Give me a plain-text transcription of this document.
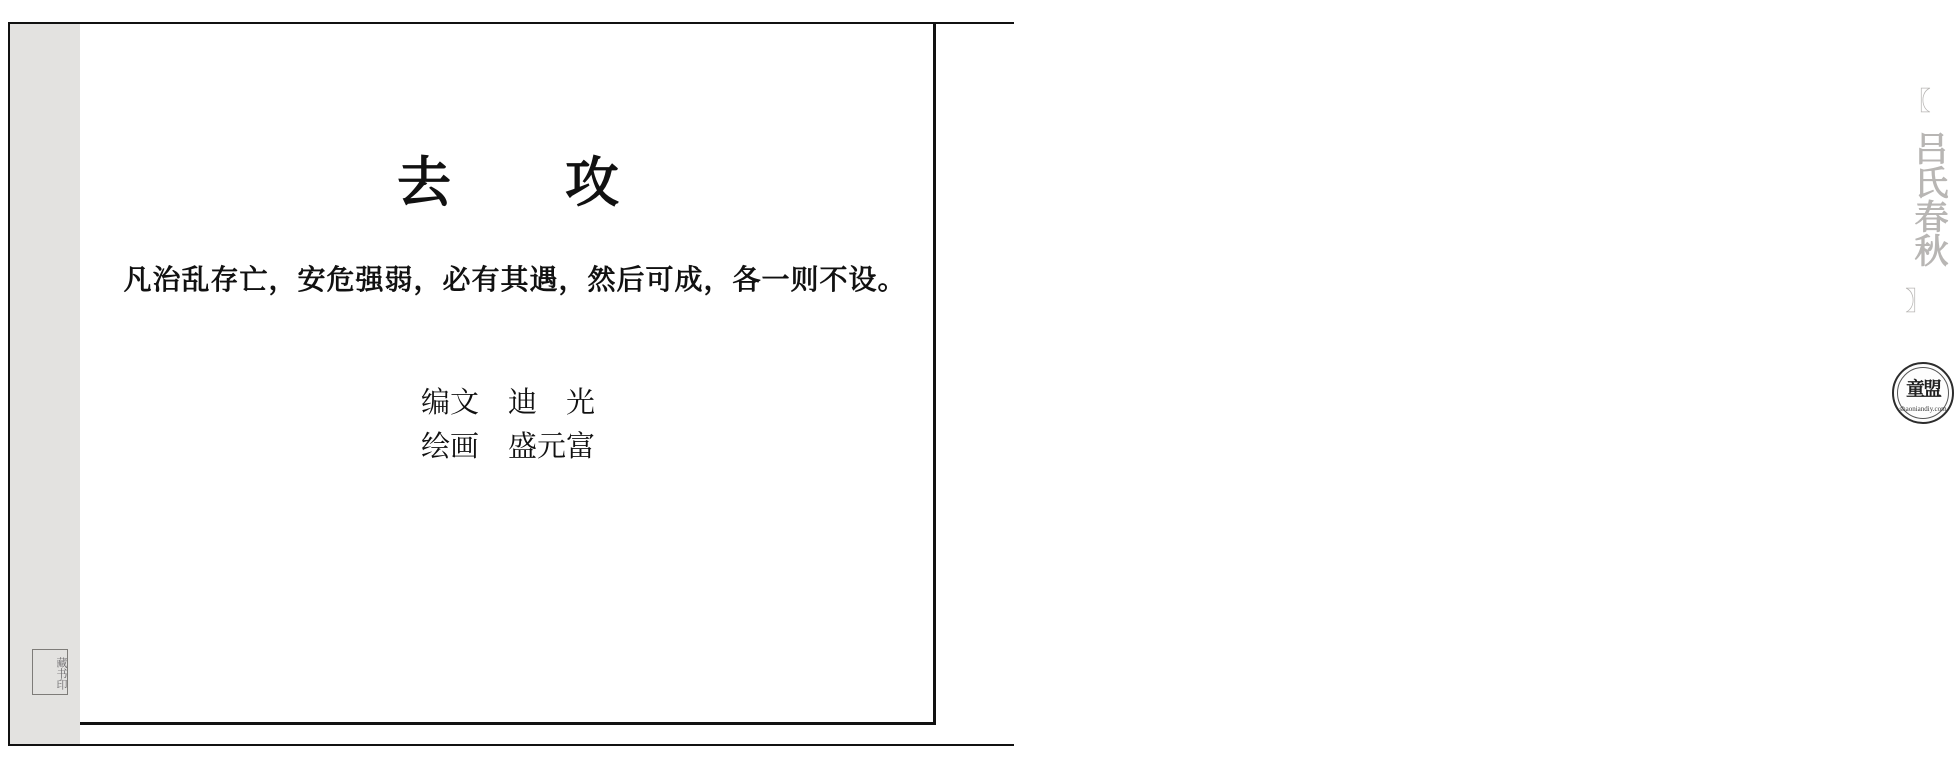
藏书印
去　攻
凡治乱存亡，安危强弱，必有其遇，然后可成，各一则不设。
编文　迪　光
绘画　盛元富
〖
吕氏春秋
〗
童盟
shaoniandiy.com
